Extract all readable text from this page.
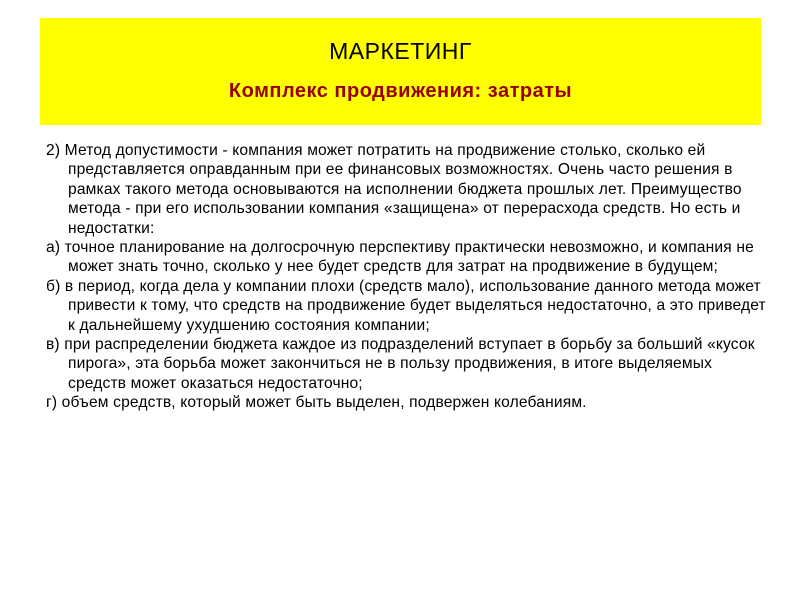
МАРКЕТИНГ
Комплекс продвижения: затраты

2) Метод допустимости - компания может потратить на продвижение столько, сколько ей представляется оправданным при ее финансовых возможностях. Очень часто решения в рамках такого метода основываются на исполнении бюджета прошлых лет. Преимущество метода - при его использовании компания «защищена» от перерасхода средств. Но есть и недостатки:

а) точное планирование на долгосрочную перспективу практически невозможно, и компания не может знать точно, сколько у нее будет средств для затрат на продвижение в будущем;

б) в период, когда дела у компании плохи (средств мало), использование данного метода может привести к тому, что средств на продвижение будет выделяться недостаточно, а это приведет к дальнейшему ухудшению состояния компании;

в) при распределении бюджета каждое из подразделений вступает в борьбу за больший «кусок пирога», эта борьба может закончиться не в пользу продвижения, в итоге выделяемых средств может оказаться недостаточно;

г) объем средств, который может быть выделен, подвержен колебаниям.
